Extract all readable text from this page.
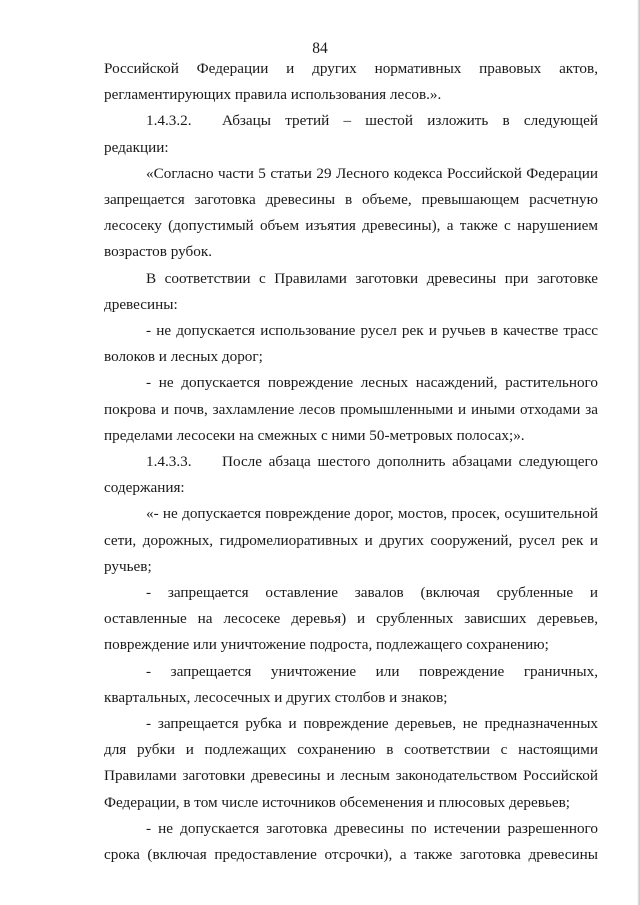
84

Российской Федерации и других нормативных правовых актов, регламентирующих правила использования лесов.».

1.4.3.2. Абзацы третий – шестой изложить в следующей редакции:

«Согласно части 5 статьи 29 Лесного кодекса Российской Федерации запрещается заготовка древесины в объеме, превышающем расчетную лесосеку (допустимый объем изъятия древесины), а также с нарушением возрастов рубок.

В соответствии с Правилами заготовки древесины при заготовке древесины:

- не допускается использование русел рек и ручьев в качестве трасс волоков и лесных дорог;

- не допускается повреждение лесных насаждений, растительного покрова и почв, захламление лесов промышленными и иными отходами за пределами лесосеки на смежных с ними 50-метровых полосах;».

1.4.3.3. После абзаца шестого дополнить абзацами следующего содержания:

«- не допускается повреждение дорог, мостов, просек, осушительной сети, дорожных, гидромелиоративных и других сооружений, русел рек и ручьев;

- запрещается оставление завалов (включая срубленные и оставленные на лесосеке деревья) и срубленных зависших деревьев, повреждение или уничтожение подроста, подлежащего сохранению;

- запрещается уничтожение или повреждение граничных, квартальных, лесосечных и других столбов и знаков;

- запрещается рубка и повреждение деревьев, не предназначенных для рубки и подлежащих сохранению в соответствии с настоящими Правилами заготовки древесины и лесным законодательством Российской Федерации, в том числе источников обсеменения и плюсовых деревьев;

- не допускается заготовка древесины по истечении разрешенного срока (включая предоставление отсрочки), а также заготовка древесины
